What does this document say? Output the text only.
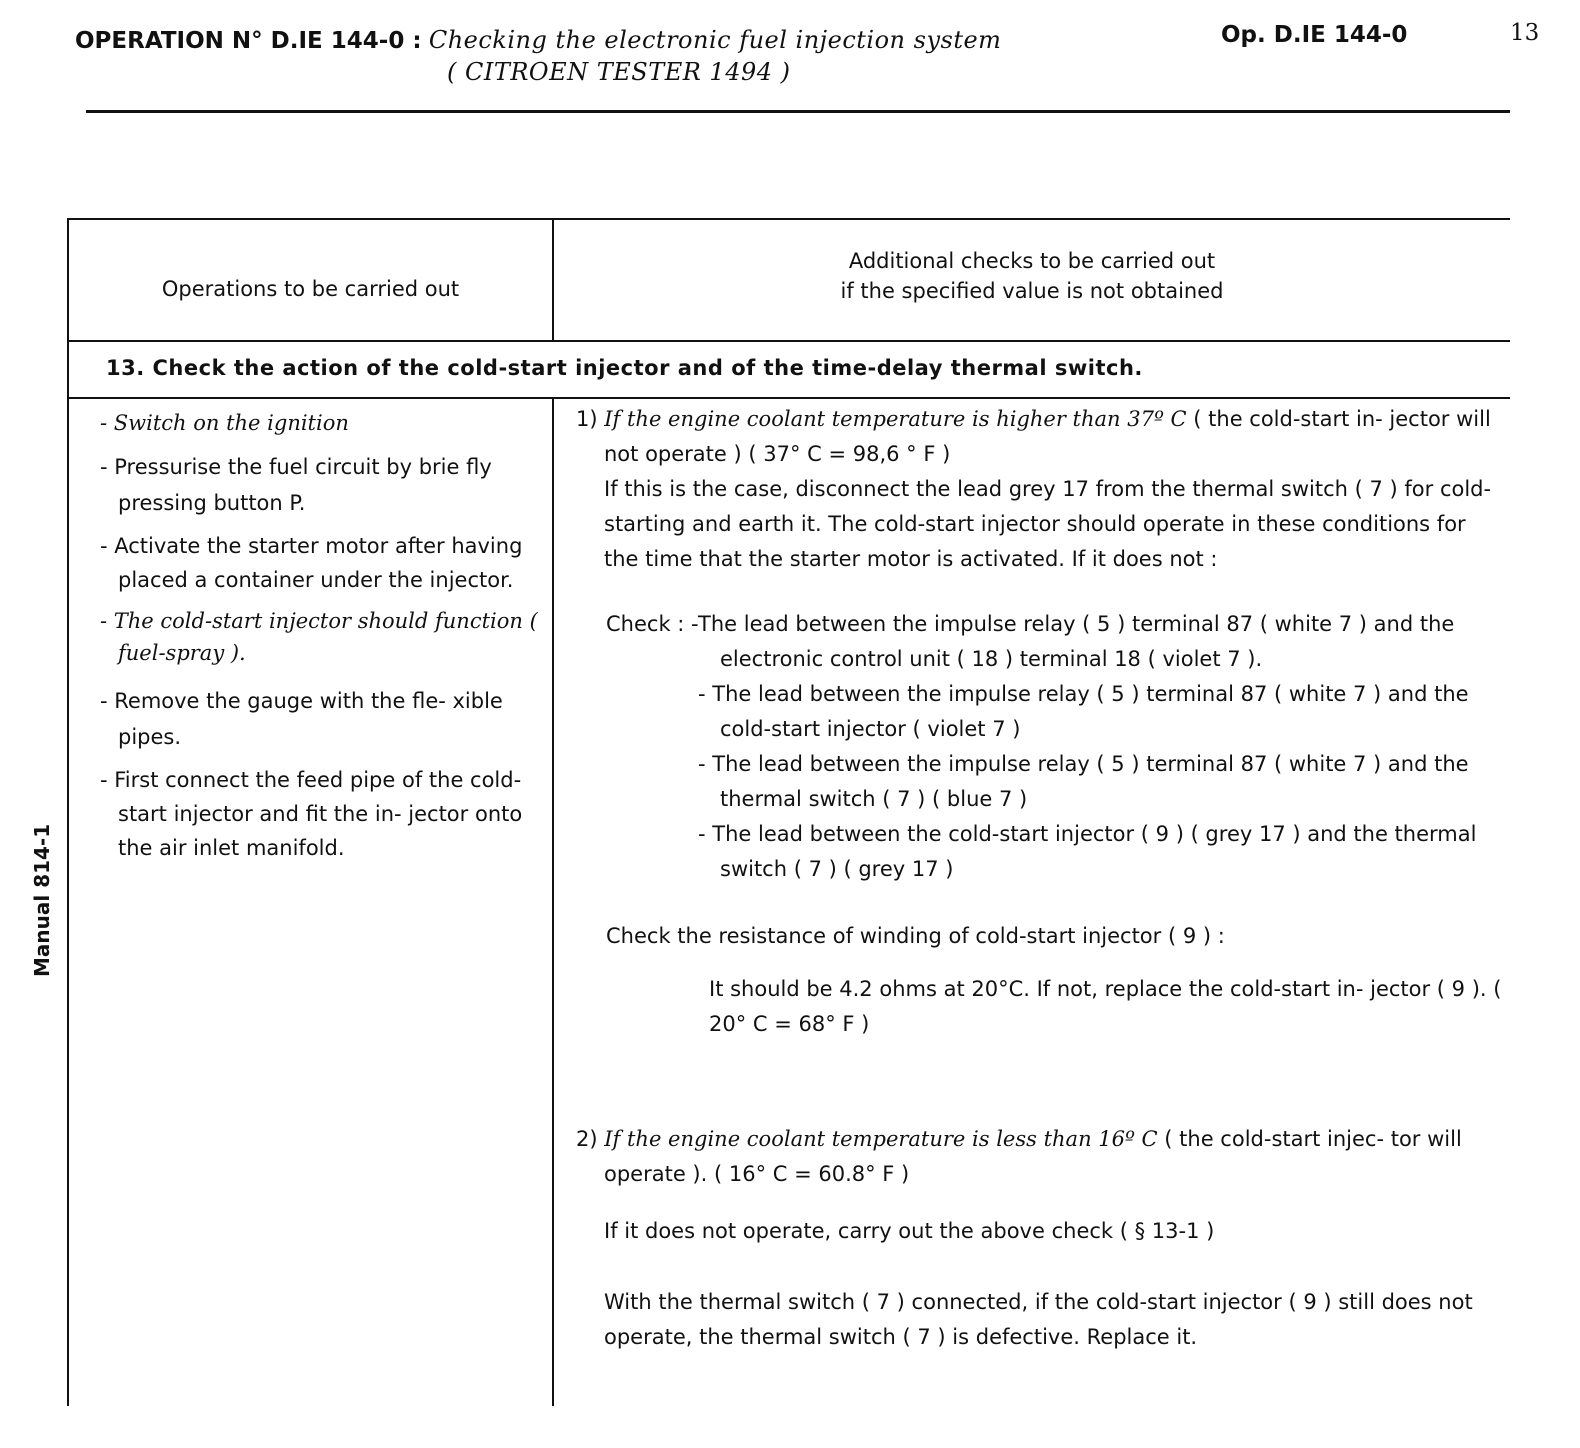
OPERATION N° D.IE 144-0 : Checking the electronic fuel injection system
( CITROEN TESTER 1494 )
Op. D.IE 144-0	13
Manual 814-1
Operations to be carried out
Additional checks to be carried out
if the specified value is not obtained
13. Check the action of the cold-start injector and of the time-delay thermal switch.
- Switch on the ignition
- Pressurise the fuel circuit by brie fly pressing button P.
- Activate the starter motor after having placed a container under the injector.
- The cold-start injector should function ( fuel-spray ).
- Remove the gauge with the fle- xible pipes.
- First connect the feed pipe of the cold-start injector and fit the in- jector onto the air inlet manifold.
1) If the engine coolant temperature is higher than 37º C ( the cold-start in- jector will not operate ) ( 37° C = 98,6 ° F )
If this is the case, disconnect the lead grey 17 from the thermal switch ( 7 ) for cold-starting and earth it. The cold-start injector should operate in these conditions for the time that the starter motor is activated. If it does not :
Check : - The lead between the impulse relay ( 5 ) terminal 87 ( white 7 ) and the electronic control unit ( 18 ) terminal 18 ( violet 7 ).
- The lead between the impulse relay ( 5 ) terminal 87 ( white 7 ) and the cold-start injector ( violet 7 )
- The lead between the impulse relay ( 5 ) terminal 87 ( white 7 ) and the thermal switch ( 7 ) ( blue 7 )
- The lead between the cold-start injector ( 9 ) ( grey 17 ) and the thermal switch ( 7 ) ( grey 17 )
Check the resistance of winding of cold-start injector ( 9 ) :
It should be 4.2 ohms at 20°C. If not, replace the cold-start in- jector ( 9 ). ( 20° C = 68° F )
2) If the engine coolant temperature is less than 16º C ( the cold-start injec- tor will operate ). ( 16° C = 60.8° F )
If it does not operate, carry out the above check ( § 13-1 )
With the thermal switch ( 7 ) connected, if the cold-start injector ( 9 ) still does not operate, the thermal switch ( 7 ) is defective. Replace it.
